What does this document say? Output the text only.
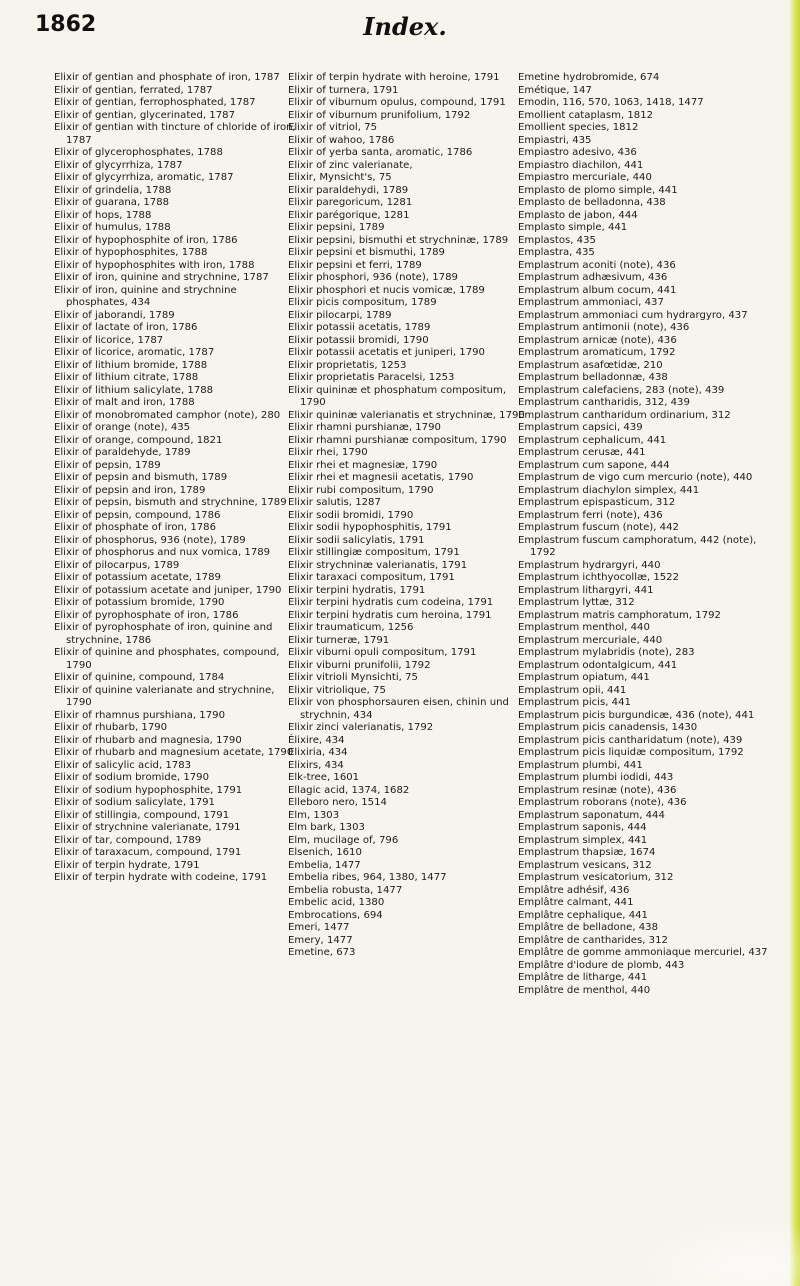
1862	Index.

Elixir of gentian and phosphate of iron, 1787

Elixir of gentian, ferrated, 1787

Elixir of gentian, ferrophosphated, 1787

Elixir of gentian, glycerinated, 1787

Elixir of gentian with tincture of chloride of iron, 1787

Elixir of glycerophosphates, 1788

Elixir of glycyrrhiza, 1787

Elixir of glycyrrhiza, aromatic, 1787

Elixir of grindelia, 1788

Elixir of guarana, 1788

Elixir of hops, 1788

Elixir of humulus, 1788

Elixir of hypophosphite of iron, 1786

Elixir of hypophosphites, 1788

Elixir of hypophosphites with iron, 1788

Elixir of iron, quinine and strychnine, 1787

Elixir of iron, quinine and strychnine phosphates, 434

Elixir of jaborandi, 1789

Elixir of lactate of iron, 1786

Elixir of licorice, 1787

Elixir of licorice, aromatic, 1787

Elixir of lithium bromide, 1788

Elixir of lithium citrate, 1788

Elixir of lithium salicylate, 1788

Elixir of malt and iron, 1788

Elixir of monobromated camphor (note), 280

Elixir of orange (note), 435

Elixir of orange, compound, 1821

Elixir of paraldehyde, 1789

Elixir of pepsin, 1789

Elixir of pepsin and bismuth, 1789

Elixir of pepsin and iron, 1789

Elixir of pepsin, bismuth and strychnine, 1789

Elixir of pepsin, compound, 1786

Elixir of phosphate of iron, 1786

Elixir of phosphorus, 936 (note), 1789

Elixir of phosphorus and nux vomica, 1789

Elixir of pilocarpus, 1789

Elixir of potassium acetate, 1789

Elixir of potassium acetate and juniper, 1790

Elixir of potassium bromide, 1790

Elixir of pyrophosphate of iron, 1786

Elixir of pyrophosphate of iron, quinine and strychnine, 1786

Elixir of quinine and phosphates, compound, 1790

Elixir of quinine, compound, 1784

Elixir of quinine valerianate and strychnine, 1790

Elixir of rhamnus purshiana, 1790

Elixir of rhubarb, 1790

Elixir of rhubarb and magnesia, 1790

Elixir of rhubarb and magnesium acetate, 1790

Elixir of salicylic acid, 1783

Elixir of sodium bromide, 1790

Elixir of sodium hypophosphite, 1791

Elixir of sodium salicylate, 1791

Elixir of stillingia, compound, 1791

Elixir of strychnine valerianate, 1791

Elixir of tar, compound, 1789

Elixir of taraxacum, compound, 1791

Elixir of terpin hydrate, 1791

Elixir of terpin hydrate with codeine, 1791

Elixir of terpin hydrate with heroine, 1791

Elixir of turnera, 1791

Elixir of viburnum opulus, compound, 1791

Elixir of viburnum prunifolium, 1792

Elixir of vitriol, 75

Elixir of wahoo, 1786

Elixir of yerba santa, aromatic, 1786

Elixir of zinc valerianate,

Elixir, Mynsicht's, 75

Elixir paraldehydi, 1789

Elixir paregoricum, 1281

Elixir parégorique, 1281

Elixir pepsini, 1789

Elixir pepsini, bismuthi et strychninæ, 1789

Elixir pepsini et bismuthi, 1789

Elixir pepsini et ferri, 1789

Elixir phosphori, 936 (note), 1789

Elixir phosphori et nucis vomicæ, 1789

Elixir picis compositum, 1789

Elixir pilocarpi, 1789

Elixir potassii acetatis, 1789

Elixir potassii bromidi, 1790

Elixir potassii acetatis et juniperi, 1790

Elixir proprietatis, 1253

Elixir proprietatis Paracelsi, 1253

Elixir quininæ et phosphatum compositum, 1790

Elixir quininæ valerianatis et strychninæ, 1790

Elixir rhamni purshianæ, 1790

Elixir rhamni purshianæ compositum, 1790

Elixir rhei, 1790

Elixir rhei et magnesiæ, 1790

Elixir rhei et magnesii acetatis, 1790

Elixir rubi compositum, 1790

Elixir salutis, 1287

Elixir sodii bromidi, 1790

Elixir sodii hypophosphitis, 1791

Elixir sodii salicylatis, 1791

Elixir stillingiæ compositum, 1791

Elixir strychninæ valerianatis, 1791

Elixir taraxaci compositum, 1791

Elixir terpini hydratis, 1791

Elixir terpini hydratis cum codeina, 1791

Elixir terpini hydratis cum heroina, 1791

Elixir traumaticum, 1256

Elixir turneræ, 1791

Elixir viburni opuli compositum, 1791

Elixir viburni prunifolii, 1792

Elixir vitrioli Mynsichti, 75

Elixir vitriolique, 75

Elixir von phosphorsauren eisen, chinin und strychnin, 434

Elixir zinci valerianatis, 1792

Élixire, 434

Elixiria, 434

Elixirs, 434

Elk-tree, 1601

Ellagic acid, 1374, 1682

Elleboro nero, 1514

Elm, 1303

Elm bark, 1303

Elm, mucilage of, 796

Elsenich, 1610

Embelia, 1477

Embelia ribes, 964, 1380, 1477

Embelia robusta, 1477

Embelic acid, 1380

Embrocations, 694

Emeri, 1477

Emery, 1477

Emetine, 673

Emetine hydrobromide, 674

Emétique, 147

Emodin, 116, 570, 1063, 1418, 1477

Emollient cataplasm, 1812

Emollient species, 1812

Empiastri, 435

Empiastro adesivo, 436

Empiastro diachilon, 441

Empiastro mercuriale, 440

Emplasto de plomo simple, 441

Emplasto de belladonna, 438

Emplasto de jabon, 444

Emplasto simple, 441

Emplastos, 435

Emplastra, 435

Emplastrum aconiti (note), 436

Emplastrum adhæsivum, 436

Emplastrum album cocum, 441

Emplastrum ammoniaci, 437

Emplastrum ammoniaci cum hydrargyro, 437

Emplastrum antimonii (note), 436

Emplastrum arnicæ (note), 436

Emplastrum aromaticum, 1792

Emplastrum asafœtidæ, 210

Emplastrum belladonnæ, 438

Emplastrum calefaciens, 283 (note), 439

Emplastrum cantharidis, 312, 439

Emplastrum cantharidum ordinarium, 312

Emplastrum capsici, 439

Emplastrum cephalicum, 441

Emplastrum cerusæ, 441

Emplastrum cum sapone, 444

Emplastrum de vigo cum mercurio (note), 440

Emplastrum diachylon simplex, 441

Emplastrum epispasticum, 312

Emplastrum ferri (note), 436

Emplastrum fuscum (note), 442

Emplastrum fuscum camphoratum, 442 (note), 1792

Emplastrum hydrargyri, 440

Emplastrum ichthyocollæ, 1522

Emplastrum lithargyri, 441

Emplastrum lyttæ, 312

Emplastrum matris camphoratum, 1792

Emplastrum menthol, 440

Emplastrum mercuriale, 440

Emplastrum mylabridis (note), 283

Emplastrum odontalgicum, 441

Emplastrum opiatum, 441

Emplastrum opii, 441

Emplastrum picis, 441

Emplastrum picis burgundicæ, 436 (note), 441

Emplastrum picis canadensis, 1430

Emplastrum picis cantharidatum (note), 439

Emplastrum picis liquidæ compositum, 1792

Emplastrum plumbi, 441

Emplastrum plumbi iodidi, 443

Emplastrum resinæ (note), 436

Emplastrum roborans (note), 436

Emplastrum saponatum, 444

Emplastrum saponis, 444

Emplastrum simplex, 441

Emplastrum thapsiæ, 1674

Emplastrum vesicans, 312

Emplastrum vesicatorium, 312

Emplâtre adhésif, 436

Emplâtre calmant, 441

Emplâtre cephalique, 441

Emplâtre de belladone, 438

Emplâtre de cantharides, 312

Emplâtre de gomme ammoniaque mercuriel, 437

Emplâtre d'iodure de plomb, 443

Emplâtre de litharge, 441

Emplâtre de menthol, 440
